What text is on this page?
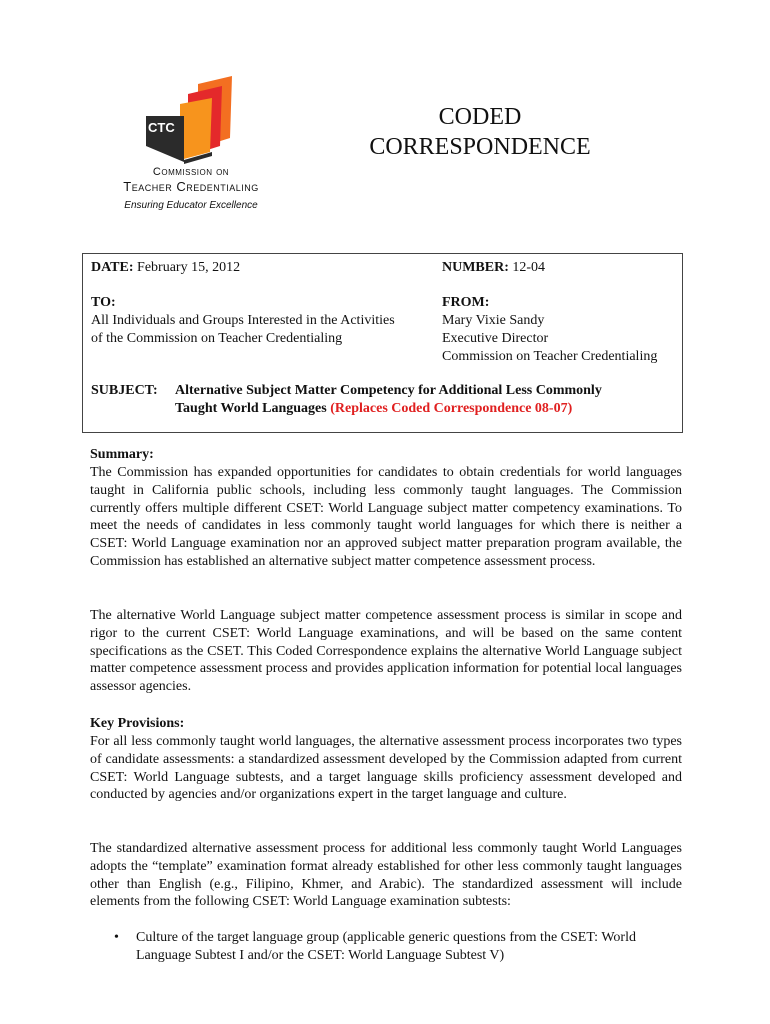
CTC
Commission on
Teacher Credentialing
Ensuring Educator Excellence
CODED
CORRESPONDENCE
DATE: February 15, 2012	NUMBER: 12-04
TO:
All Individuals and Groups Interested in the Activities
of the Commission on Teacher Credentialing
FROM:
Mary Vixie Sandy
Executive Director
Commission on Teacher Credentialing
SUBJECT: Alternative Subject Matter Competency for Additional Less Commonly
Taught World Languages (Replaces Coded Correspondence 08-07)
Summary:
The Commission has expanded opportunities for candidates to obtain credentials for world languages taught in California public schools, including less commonly taught languages. The Commission currently offers multiple different CSET: World Language subject matter competency examinations. To meet the needs of candidates in less commonly taught world languages for which there is neither a CSET: World Language examination nor an approved subject matter preparation program available, the Commission has established an alternative subject matter competence assessment process.
The alternative World Language subject matter competence assessment process is similar in scope and rigor to the current CSET: World Language examinations, and will be based on the same content specifications as the CSET. This Coded Correspondence explains the alternative World Language subject matter competence assessment process and provides application information for potential local languages assessor agencies.
Key Provisions:
For all less commonly taught world languages, the alternative assessment process incorporates two types of candidate assessments: a standardized assessment developed by the Commission adapted from current CSET: World Language subtests, and a target language skills proficiency assessment developed and conducted by agencies and/or organizations expert in the target language and culture.
The standardized alternative assessment process for additional less commonly taught World Languages adopts the “template” examination format already established for other less commonly taught languages other than English (e.g., Filipino, Khmer, and Arabic). The standardized assessment will include elements from the following CSET: World Language examination subtests:
• Culture of the target language group (applicable generic questions from the CSET: World Language Subtest I and/or the CSET: World Language Subtest V)
